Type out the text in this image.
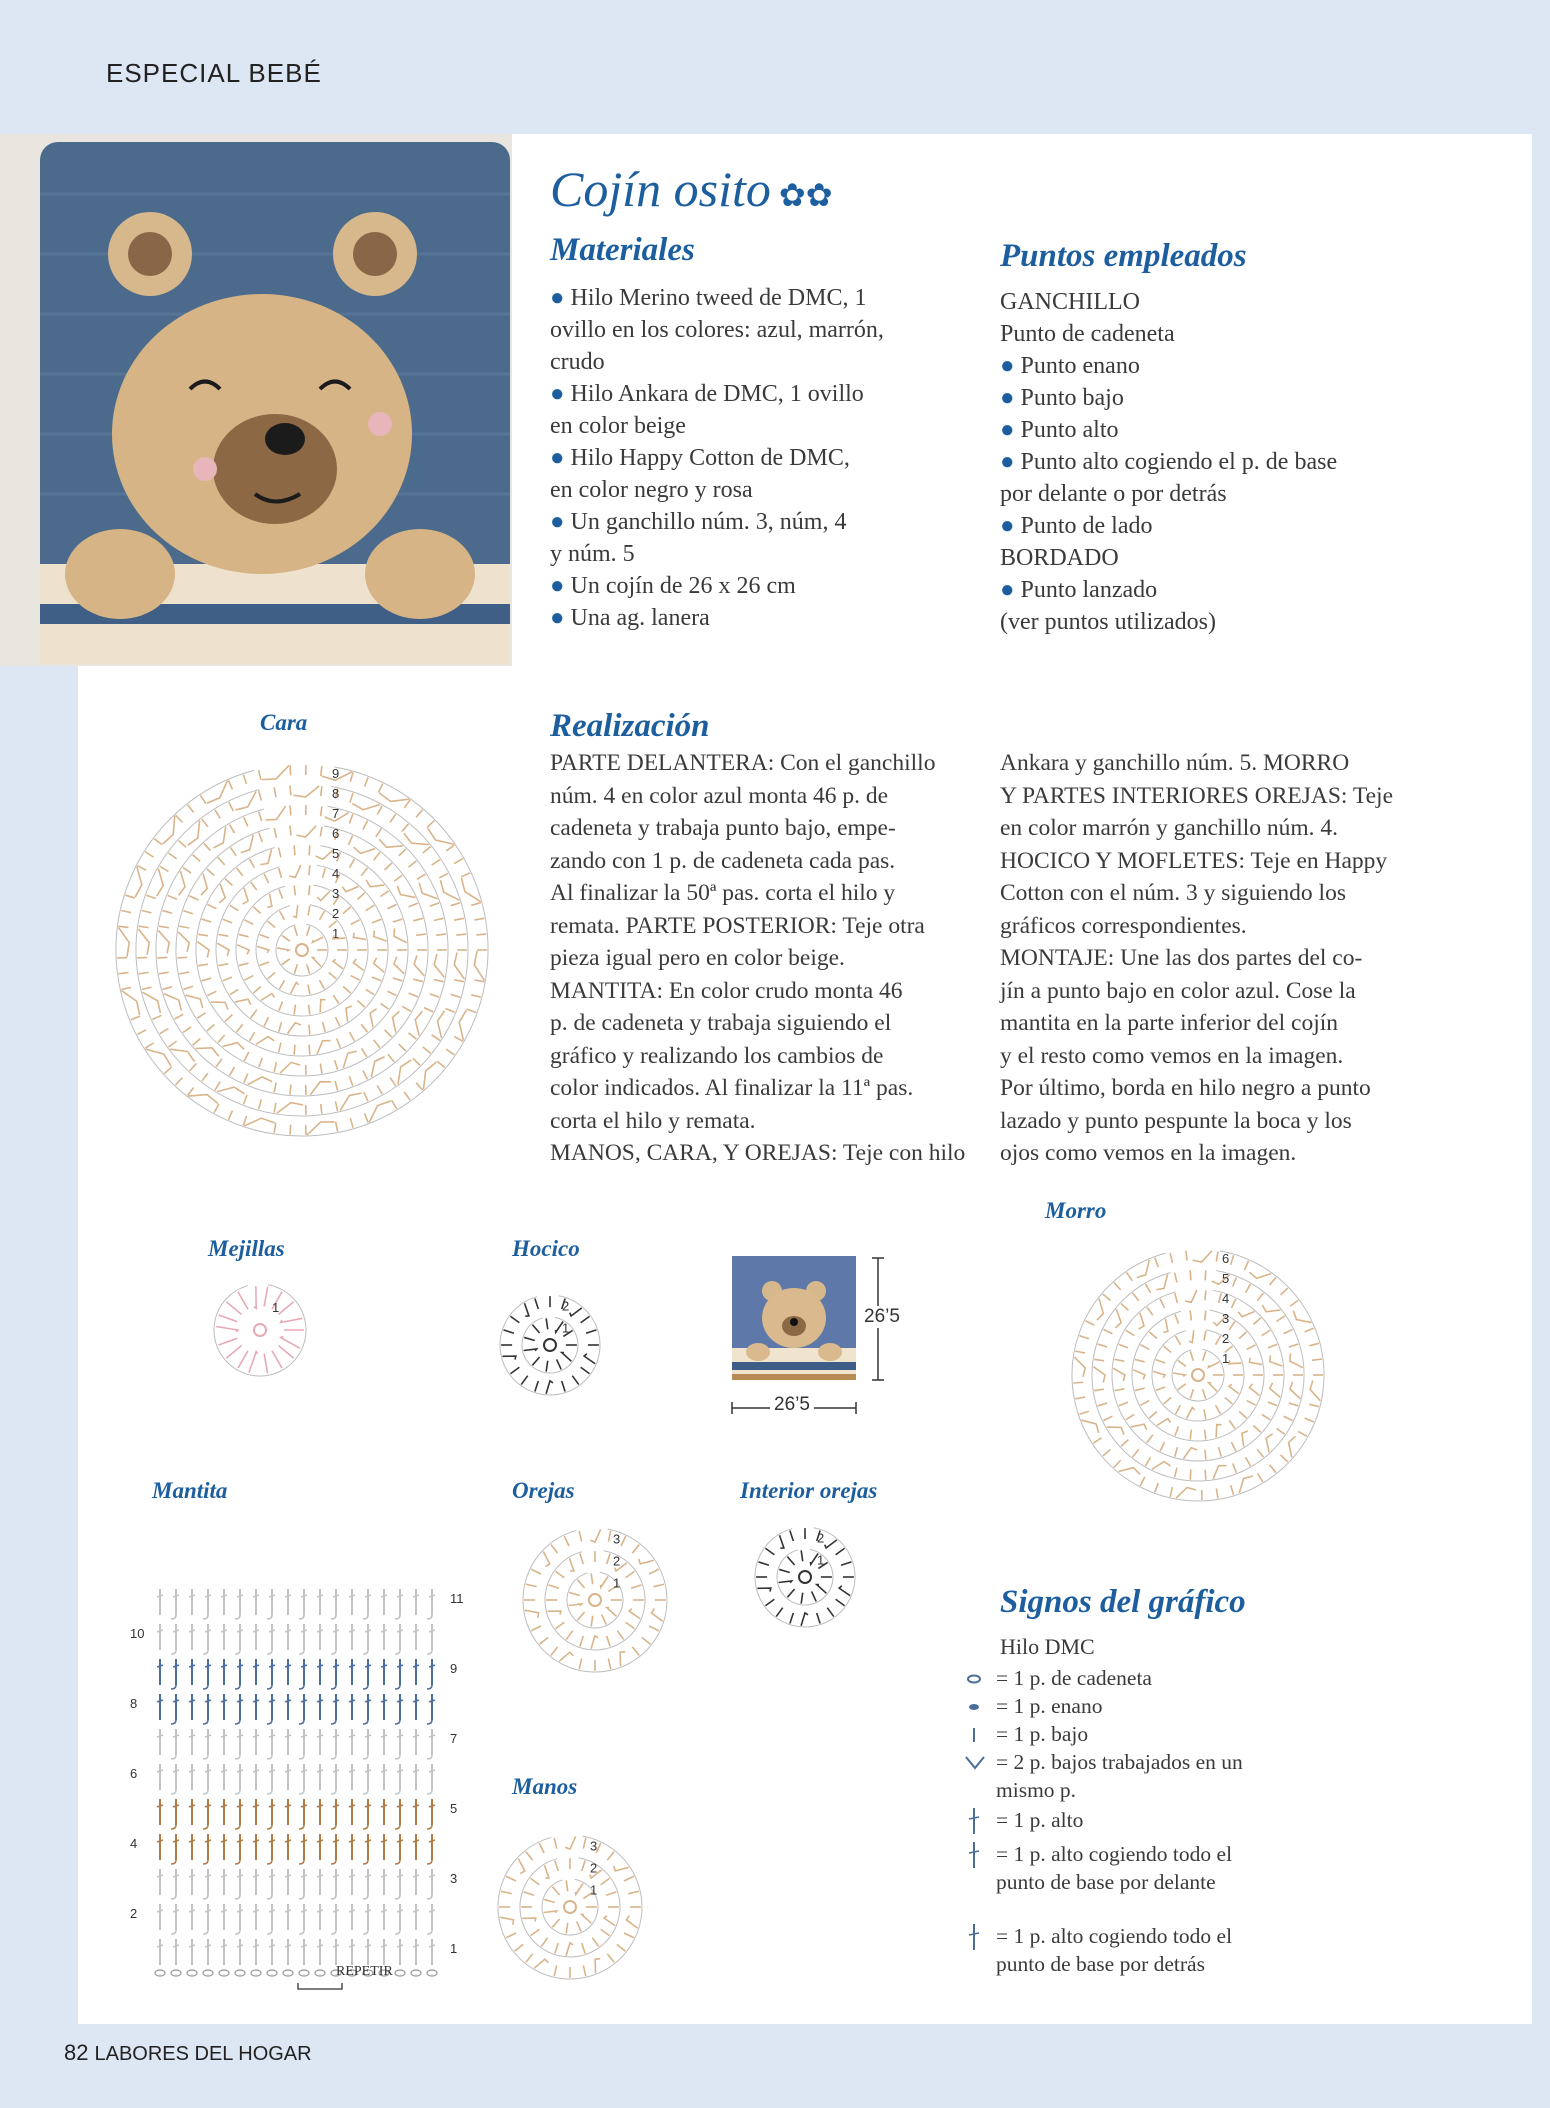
ESPECIAL BEBÉ
Cojín osito ✿✿
Materiales
● Hilo Merino tweed de DMC, 1
ovillo en los colores: azul, marrón,
crudo
● Hilo Ankara de DMC, 1 ovillo
en color beige
● Hilo Happy Cotton de DMC,
en color negro y rosa
● Un ganchillo núm. 3, núm, 4
y núm. 5
● Un cojín de 26 x 26 cm
● Una ag. lanera
Puntos empleados
GANCHILLO
Punto de cadeneta
● Punto enano
● Punto bajo
● Punto alto
● Punto alto cogiendo el p. de base
por delante o por detrás
● Punto de lado
BORDADO
● Punto lanzado
(ver puntos utilizados)
Realización
PARTE DELANTERA: Con el ganchillo
núm. 4 en color azul monta 46 p. de
cadeneta y trabaja punto bajo, empe-
zando con 1 p. de cadeneta cada pas.
Al finalizar la 50ª pas. corta el hilo y
remata. PARTE POSTERIOR: Teje otra
pieza igual pero en color beige.
MANTITA: En color crudo monta 46
p. de cadeneta y trabaja siguiendo el
gráfico y realizando los cambios de
color indicados. Al finalizar la 11ª pas.
corta el hilo y remata.
MANOS, CARA, Y OREJAS: Teje con hilo
Ankara y ganchillo núm. 5. MORRO
Y PARTES INTERIORES OREJAS: Teje
en color marrón y ganchillo núm. 4.
HOCICO Y MOFLETES: Teje en Happy
Cotton con el núm. 3 y siguiendo los
gráficos correspondientes.
MONTAJE: Une las dos partes del co-
jín a punto bajo en color azul. Cose la
mantita en la parte inferior del cojín
y el resto como vemos en la imagen.
Por último, borda en hilo negro a punto
lazado y punto pespunte la boca y los
ojos como vemos en la imagen.
Cara
Mejillas	Hocico
Morro
Mantita	Orejas	Interior orejas
Manos
1
2
3
4
5
6
7
8
9
1
1
2
1
2
3
4
5
6
1
2
3
1
2
1
2
3
1
2
3
4
5
6
7
8
9
10
11
REPETIR
26’5
26’5
Signos del gráfico
Hilo DMC
= 1 p. de cadeneta
= 1 p. enano
= 1 p. bajo
= 2 p. bajos trabajados en un
mismo p.
= 1 p. alto
= 1 p. alto cogiendo todo el
punto de base por delante
= 1 p. alto cogiendo todo el
punto de base por detrás
82 LABORES DEL HOGAR
